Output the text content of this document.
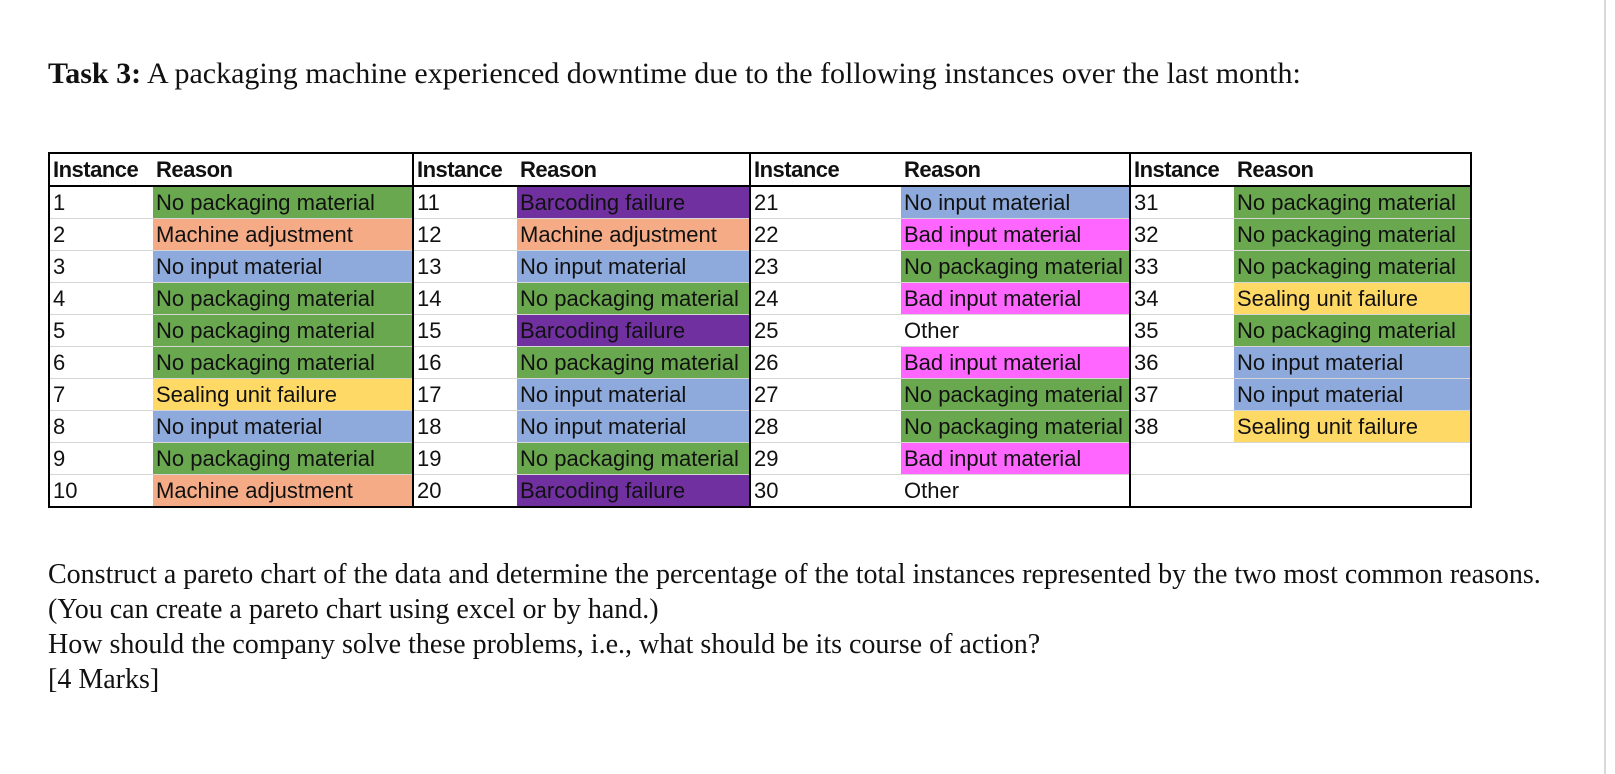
Task 3: A packaging machine experienced downtime due to the following instances over the last month:
Instance	Reason	Instance	Reason	Instance	Reason	Instance	Reason
1	No packaging material	11	Barcoding failure	21	No input material	31	No packaging material
2	Machine adjustment	12	Machine adjustment	22	Bad input material	32	No packaging material
3	No input material	13	No input material	23	No packaging material	33	No packaging material
4	No packaging material	14	No packaging material	24	Bad input material	34	Sealing unit failure
5	No packaging material	15	Barcoding failure	25	Other	35	No packaging material
6	No packaging material	16	No packaging material	26	Bad input material	36	No input material
7	Sealing unit failure	17	No input material	27	No packaging material	37	No input material
8	No input material	18	No input material	28	No packaging material	38	Sealing unit failure
9	No packaging material	19	No packaging material	29	Bad input material		
10	Machine adjustment	20	Barcoding failure	30	Other		

Construct a pareto chart of the data and determine the percentage of the total instances represented by the two most common reasons. (You can create a pareto chart using excel or by hand.)

How should the company solve these problems, i.e., what should be its course of action?

[4 Marks]
